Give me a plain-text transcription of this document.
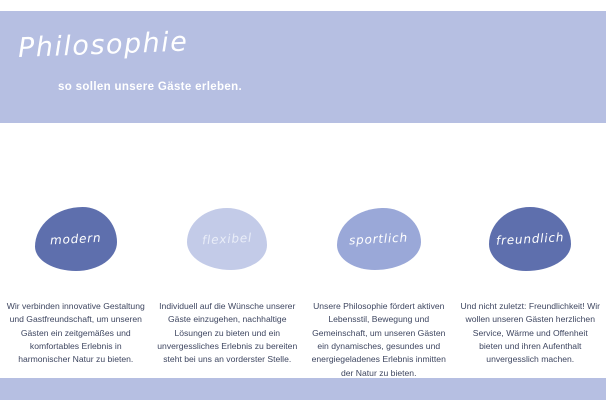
Philosophie
so sollen unsere Gäste erleben.
modern
Wir verbinden innovative Gestaltung und Gastfreundschaft, um unseren Gästen ein zeitgemäßes und komfortables Erlebnis in harmonischer Natur zu bieten.
flexibel
Individuell auf die Wünsche unserer Gäste einzugehen, nachhaltige Lösungen zu bieten und ein unvergessliches Erlebnis zu bereiten steht bei uns an vorderster Stelle.
sportlich
Unsere Philosophie fördert aktiven Lebensstil, Bewegung und Gemeinschaft, um unseren Gästen ein dynamisches, gesundes und energiegeladenes Erlebnis inmitten der Natur zu bieten.
freundlich
Und nicht zuletzt: Freundlichkeit! Wir wollen unseren Gästen herzlichen Service, Wärme und Offenheit bieten und ihren Aufenthalt unvergesslich machen.
